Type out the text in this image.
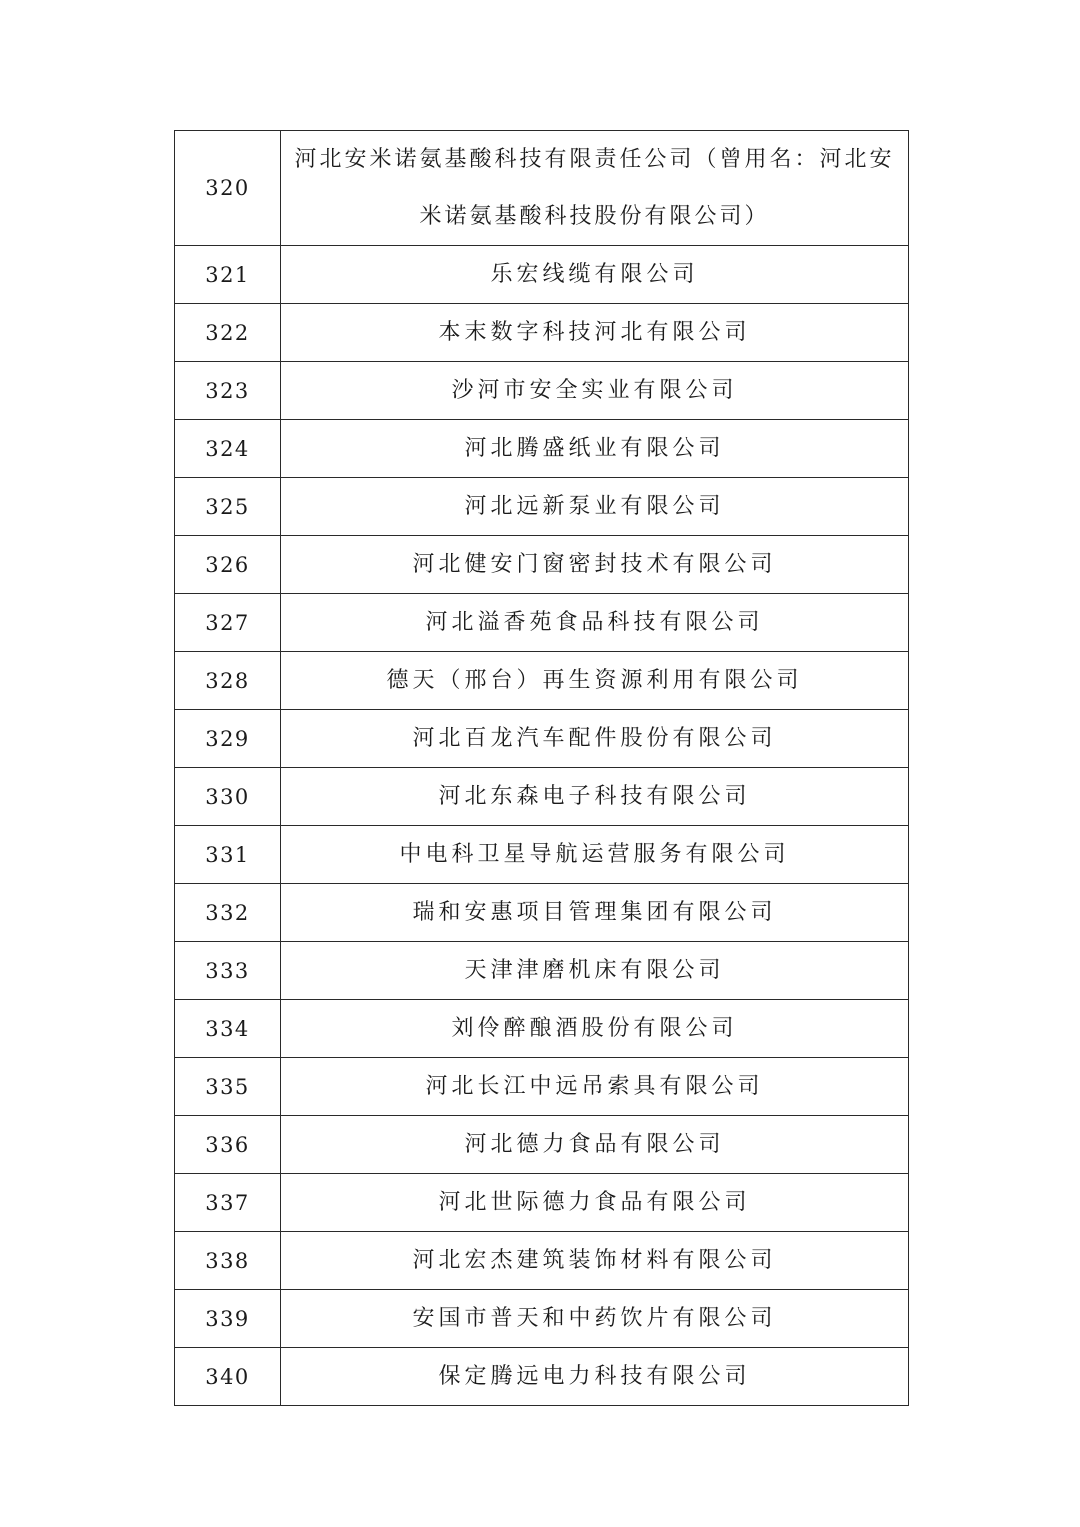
320	河北安米诺氨基酸科技有限责任公司（曾用名：河北安米诺氨基酸科技股份有限公司）
321	乐宏线缆有限公司
322	本末数字科技河北有限公司
323	沙河市安全实业有限公司
324	河北腾盛纸业有限公司
325	河北远新泵业有限公司
326	河北健安门窗密封技术有限公司
327	河北溢香苑食品科技有限公司
328	德天（邢台）再生资源利用有限公司
329	河北百龙汽车配件股份有限公司
330	河北东森电子科技有限公司
331	中电科卫星导航运营服务有限公司
332	瑞和安惠项目管理集团有限公司
333	天津津磨机床有限公司
334	刘伶醉酿酒股份有限公司
335	河北长江中远吊索具有限公司
336	河北德力食品有限公司
337	河北世际德力食品有限公司
338	河北宏杰建筑装饰材料有限公司
339	安国市普天和中药饮片有限公司
340	保定腾远电力科技有限公司
